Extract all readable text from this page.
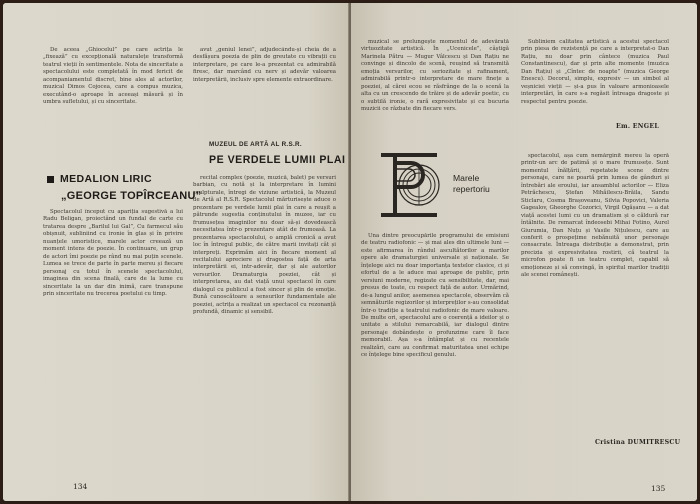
De aceea „Ghiocelul” pe care actrița le „fixează” cu excepțională naturalețe transformă teatrul vieții în sentimentele. Nota de sinceritate a spectacolului este completată în mod fericit de acompaniamentul discret, bine ales al actorilor, muzical Dimos Cojocea, care a compus muzica, executând-o aproape în aceeași măsură și în umbra sufletului, și cu sinceritate.

avut „geniul lenei”, adjudecându-și cheia de a desfășura poezia de plin de greutate cu vibrații cu interpretare, pe care le-a prezentat cu admirabilă firesc, dar marcând cu nerv și adevăr valoarea interpretării, inclusiv spre elemente extraordinare.

MEDALION LIRIC
„GEORGE TOPÎRCEANU”

Spectacolul început cu apariția sugestivă a lui Radu Beligan, proiectând un fundal de carte cu tratarea despre „Barilul lui Gal”, Cu farmecul său obișnuit, subliniind cu ironie în glas și în privire nuanțele umoristice, marele actor creează un moment intens de poezie. În continuare, un grup de actori îmi poezie pe rând nu mai puțin scenele. Lumea se trece de parte în parte mereu și fiecare personaj cu totul în scenele spectacolului, imaginea din scena finală, care de la lume cu sinceritate la un dar din inimă, care transpune prin sinceritate nu trecerea poetului cu timp.

MUZEUL DE ARTĂ AL R.S.R.
PE VERDELE LUMII PLAI

recital complex (poezie, muzică, balet) pe versuri barbian, cu notă și la interpretare în lumini sculpturale, întregi de viziune artistică, la Muzeul de Artă al R.S.R. Spectacolul mărturisește aduce o prezentare pe verdele lumii plai în care a reușit a pătrunde sugestia conținutului în muzee, iar cu frumusețea imaginilor nu doar să-și dovedească necesitatea într-o prezentare atât de frumoasă. La prezentarea spectacolului, o amplă cronică a avut loc în întregul public, de către marii invitați cât și interpreți. Exprimăm aici în fiecare moment al recitalului apreciere și dragostea față de arta interpretării ei, intr-adevăr, dar și ale autorilor versurilor. Dramaturgia poeziei, cât și interpretarea, au dat viață unui spectacol în care dialogul cu publicul a fost sincer și plin de emoție. Bună cunoscătoare a sensurilor fundamentale ale poeziei, actrița a realizat un spectacol cu rezonanță profundă, dinamic și sensibil.

134

muzical se prelungește momentul de adevărată virtuozitate artistică. În „Ucenicele”, câștigă Marinela Pătru — Mugur Vâlcescu și Dan Rațiu ne convinge și dincolo de scenă, reușind să transmită emoția versurilor, cu seriozitate și rafinament, admirabilă printr-o interpretare de mare finețe a poeziei, al cărei ecou se răsfrânge de la o scenă la alta cu un crescendo de trăire și de adevăr poetic, cu o subtilă ironie, o rară expresivitate și cu bucuria muzicii ce răzbate din fiecare vers.

Subliniem calitatea artistică a acestui spectacol prin piesa de rezistență pe care a interpretat-o Dan Rațiu, nu doar prin cântece (muzica Paul Constantinescu), dar și prin alte momente (muzica Dan Rațiu) și „Cîntec de noapte” (muzica George Enescu). Decorul, simplu, expresiv — un simbol al veșniciei vieții — și-a pus în valoare armonioasele interpretări, în care s-a regăsit întreaga dragoste și respectul pentru poezie.

Em. ENGEL
Marele repertoriu

Una dintre preocupările programului de emisiuni de teatru radiofonic — și mai ales din ultimele luni — este afirmarea în rândul ascultătorilor a marilor opere ale dramaturgiei universale și naționale. Se înțelege aici nu doar importanța textelor clasice, ci și efortul de a le aduce mai aproape de public, prin versiuni moderne, regizate cu sensibilitate, dar, mai presus de toate, cu respect față de autor. Urmărind, de-a lungul anilor, asemenea spectacole, observăm că semnăturile regizorilor și interpreților s-au consolidat într-o tradiție a teatrului radiofonic de mare valoare. De multe ori, spectacolul are o coerență a ideilor și o unitate a stilului remarcabilă, iar dialogul dintre personaje dobândește o profunzime care îl face memorabil. Așa s-a întâmplat și cu recentele realizări, care au confirmat maturitatea unei echipe ce înțelege bine specificul genului.

spectacolul, așa cum nemărginit mereu la operă printr-un arc de patimă și o mare frumusețe. Sunt momentul înălțării, repetatele scene dintre personaje, care ne poartă prin lumea de gânduri și întrebări ale eroului, iar ansamblul actorilor — Eliza Petrăchescu, Ștefan Mihăilescu-Brăila, Sandu Sticlaru, Cosma Brașoveanu, Silvia Popovici, Valeria Gagealov, Gheorghe Cozorici, Virgil Ogășanu — a dat viață acestei lumi cu un dramatism și o căldură rar întâlnite. De remarcat îndeosebi Mihai Fotino, Aurel Giurumia, Dan Nuțu și Vasile Nițulescu, care au conferit o prospețime nebănuită unor personaje consacrate. Întreaga distribuție a demonstrat, prin precizia și expresivitatea rostirii, că teatrul la microfon poate fi un teatru complet, capabil să emoționeze și să convingă, în spiritul marilor tradiții ale scenei românești.

Cristina DUMITRESCU
135
